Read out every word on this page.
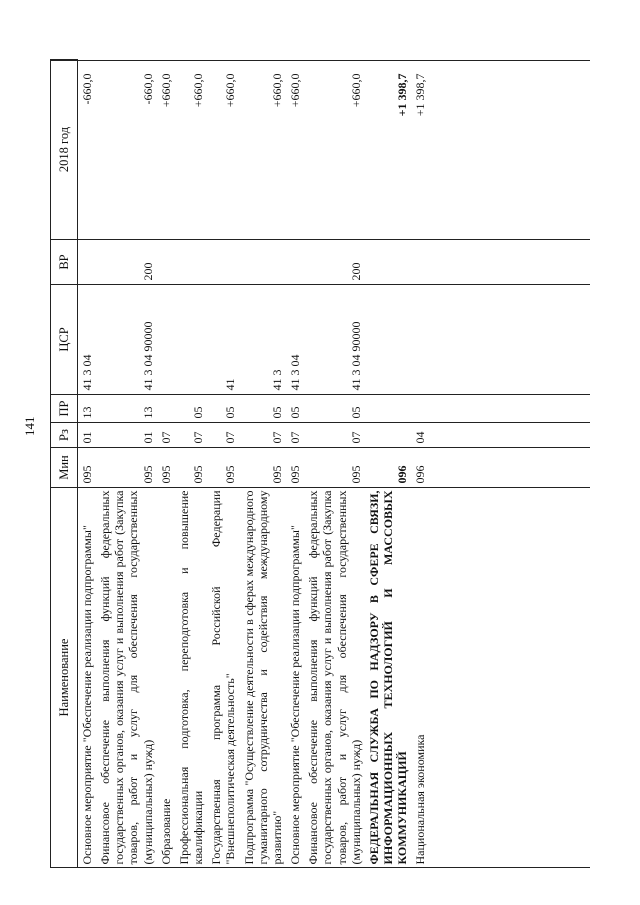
141
Наименование	Мин	Рз	ПР	ЦСР	ВР	2018 год
Основное мероприятие "Обеспечение реализации подпрограммы"	095	01	13	41 3 04		-660,0
Финансовое обеспечение выполнения функций федеральных государственных органов, оказания услуг и выполнения работ (Закупка товаров, работ и услуг для обеспечения государственных (муниципальных) нужд)	095	01	13	41 3 04 90000	200	-660,0
Образование	095	07				+660,0
Профессиональная подготовка, переподготовка и повышение квалификации	095	07	05			+660,0
Государственная программа Российской Федерации "Внешнеполитическая деятельность"	095	07	05	41		+660,0
Подпрограмма "Осуществление деятельности в сферах международного гуманитарного сотрудничества и содействия международному развитию"	095	07	05	41 3		+660,0
Основное мероприятие "Обеспечение реализации подпрограммы"	095	07	05	41 3 04		+660,0
Финансовое обеспечение выполнения функций федеральных государственных органов, оказания услуг и выполнения работ (Закупка товаров, работ и услуг для обеспечения государственных (муниципальных) нужд)	095	07	05	41 3 04 90000	200	+660,0
ФЕДЕРАЛЬНАЯ СЛУЖБА ПО НАДЗОРУ В СФЕРЕ СВЯЗИ, ИНФОРМАЦИОННЫХ ТЕХНОЛОГИЙ И МАССОВЫХ КОММУНИКАЦИЙ	096					+1 398,7
Национальная экономика	096	04				+1 398,7
